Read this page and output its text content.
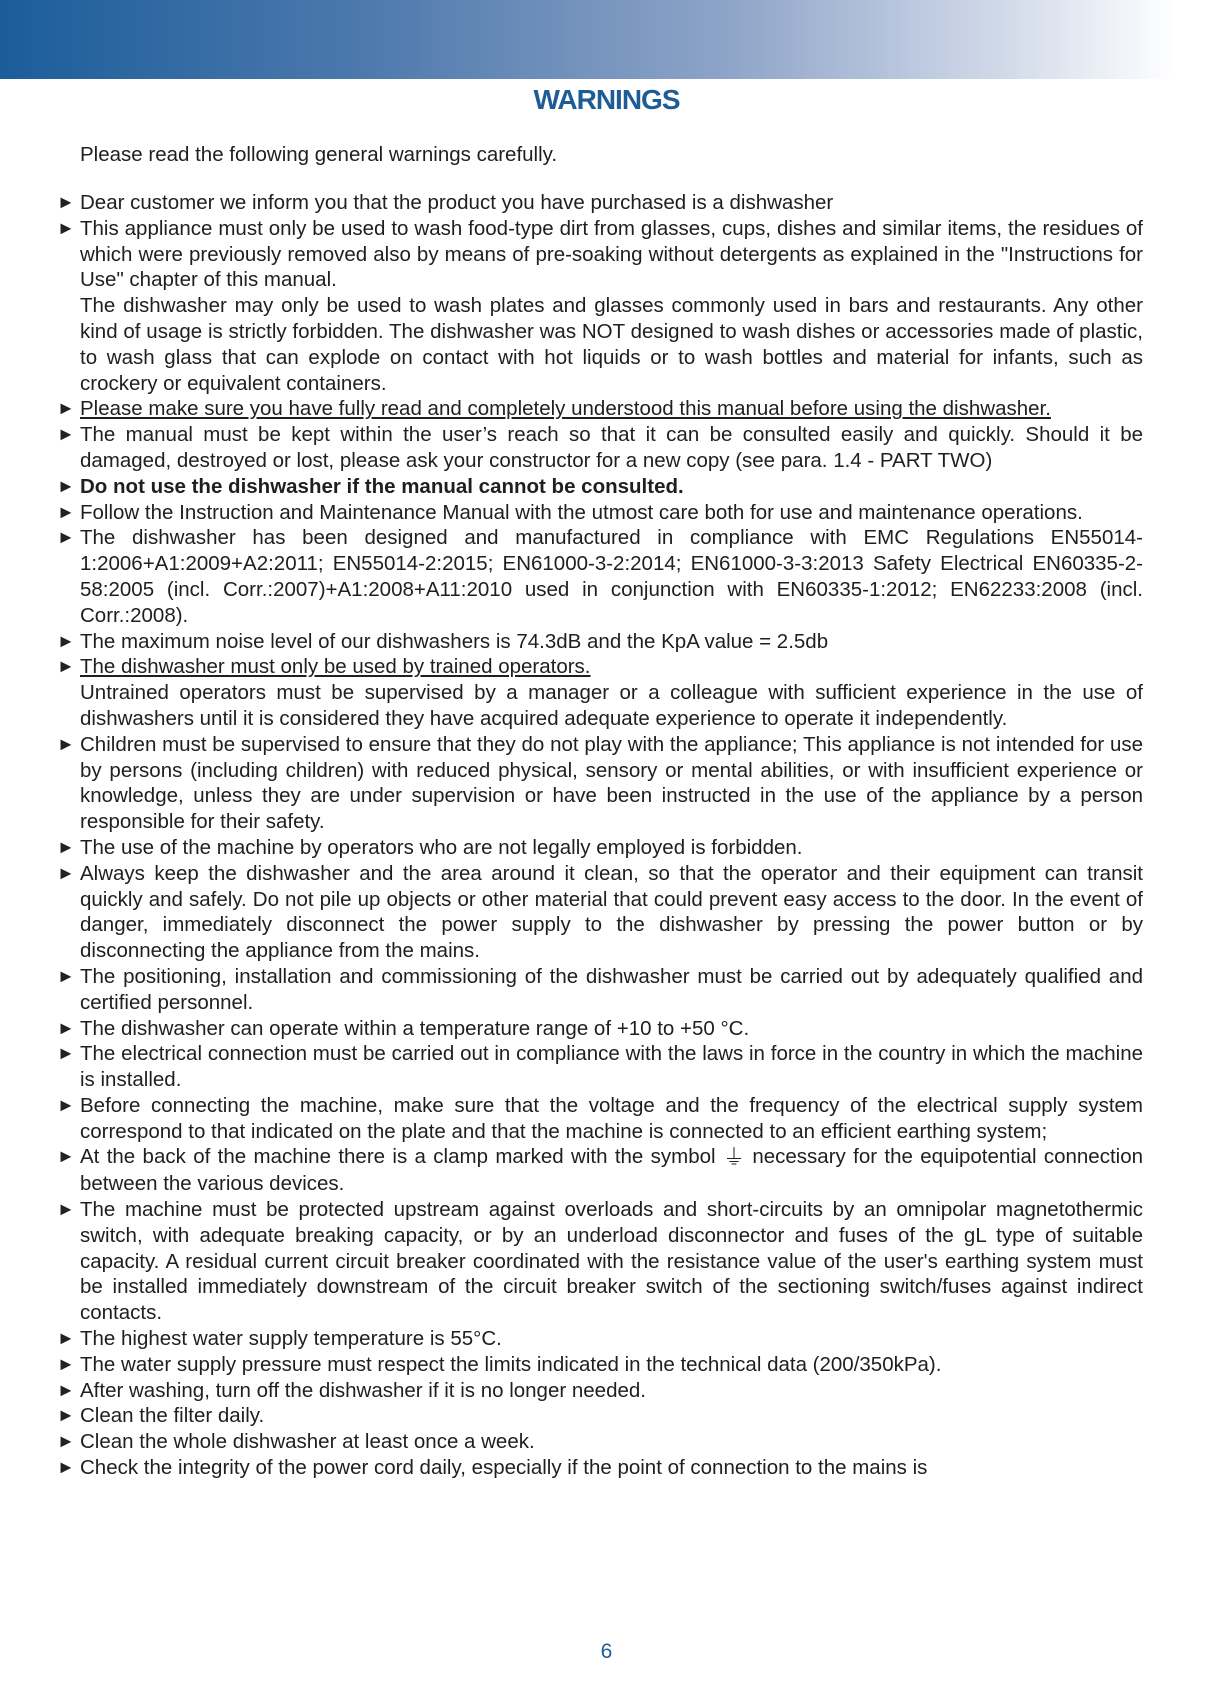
WARNINGS

Please read the following general warnings carefully.

► Dear customer we inform you that the product you have purchased is a dishwasher
► This appliance must only be used to wash food-type dirt from glasses, cups, dishes and similar items, the residues of which were previously removed also by means of pre-soaking without detergents as explained in the "Instructions for Use" chapter of this manual.
The dishwasher may only be used to wash plates and glasses commonly used in bars and restaurants. Any other kind of usage is strictly forbidden. The dishwasher was NOT designed to wash dishes or accessories made of plastic, to wash glass that can explode on contact with hot liquids or to wash bottles and material for infants, such as crockery or equivalent containers.
► Please make sure you have fully read and completely understood this manual before using the dishwasher.
► The manual must be kept within the user’s reach so that it can be consulted easily and quickly. Should it be damaged, destroyed or lost, please ask your constructor for a new copy (see para. 1.4 - PART TWO)
► Do not use the dishwasher if the manual cannot be consulted.
► Follow the Instruction and Maintenance Manual with the utmost care both for use and maintenance operations.
► The dishwasher has been designed and manufactured in compliance with EMC Regulations EN55014-1:2006+A1:2009+A2:2011; EN55014-2:2015; EN61000-3-2:2014; EN61000-3-3:2013 Safety Electrical EN60335-2-58:2005 (incl. Corr.:2007)+A1:2008+A11:2010 used in conjunction with EN60335-1:2012; EN62233:2008 (incl. Corr.:2008).
► The maximum noise level of our dishwashers is 74.3dB and the KpA value = 2.5db
► The dishwasher must only be used by trained operators.
Untrained operators must be supervised by a manager or a colleague with sufficient experience in the use of dishwashers until it is considered they have acquired adequate experience to operate it independently.
► Children must be supervised to ensure that they do not play with the appliance; This appliance is not intended for use by persons (including children) with reduced physical, sensory or mental abilities, or with insufficient experience or knowledge, unless they are under supervision or have been instructed in the use of the appliance by a person responsible for their safety.
► The use of the machine by operators who are not legally employed is forbidden.
► Always keep the dishwasher and the area around it clean, so that the operator and their equipment can transit quickly and safely. Do not pile up objects or other material that could prevent easy access to the door. In the event of danger, immediately disconnect the power supply to the dishwasher by pressing the power button or by disconnecting the appliance from the mains.
► The positioning, installation and commissioning of the dishwasher must be carried out by adequately qualified and certified personnel.
► The dishwasher can operate within a temperature range of +10 to +50 °C.
► The electrical connection must be carried out in compliance with the laws in force in the country in which the machine is installed.
► Before connecting the machine, make sure that the voltage and the frequency of the electrical supply system correspond to that indicated on the plate and that the machine is connected to an efficient earthing system;
► At the back of the machine there is a clamp marked with the symbol ⏚ necessary for the equipotential connection between the various devices.
► The machine must be protected upstream against overloads and short-circuits by an omnipolar magnetothermic switch, with adequate breaking capacity, or by an underload disconnector and fuses of the gL type of suitable capacity. A residual current circuit breaker coordinated with the resistance value of the user's earthing system must be installed immediately downstream of the circuit breaker switch of the sectioning switch/fuses against indirect contacts.
► The highest water supply temperature is 55°C.
► The water supply pressure must respect the limits indicated in the technical data (200/350kPa).
► After washing, turn off the dishwasher if it is no longer needed.
► Clean the filter daily.
► Clean the whole dishwasher at least once a week.
► Check the integrity of the power cord daily, especially if the point of connection to the mains is
6
